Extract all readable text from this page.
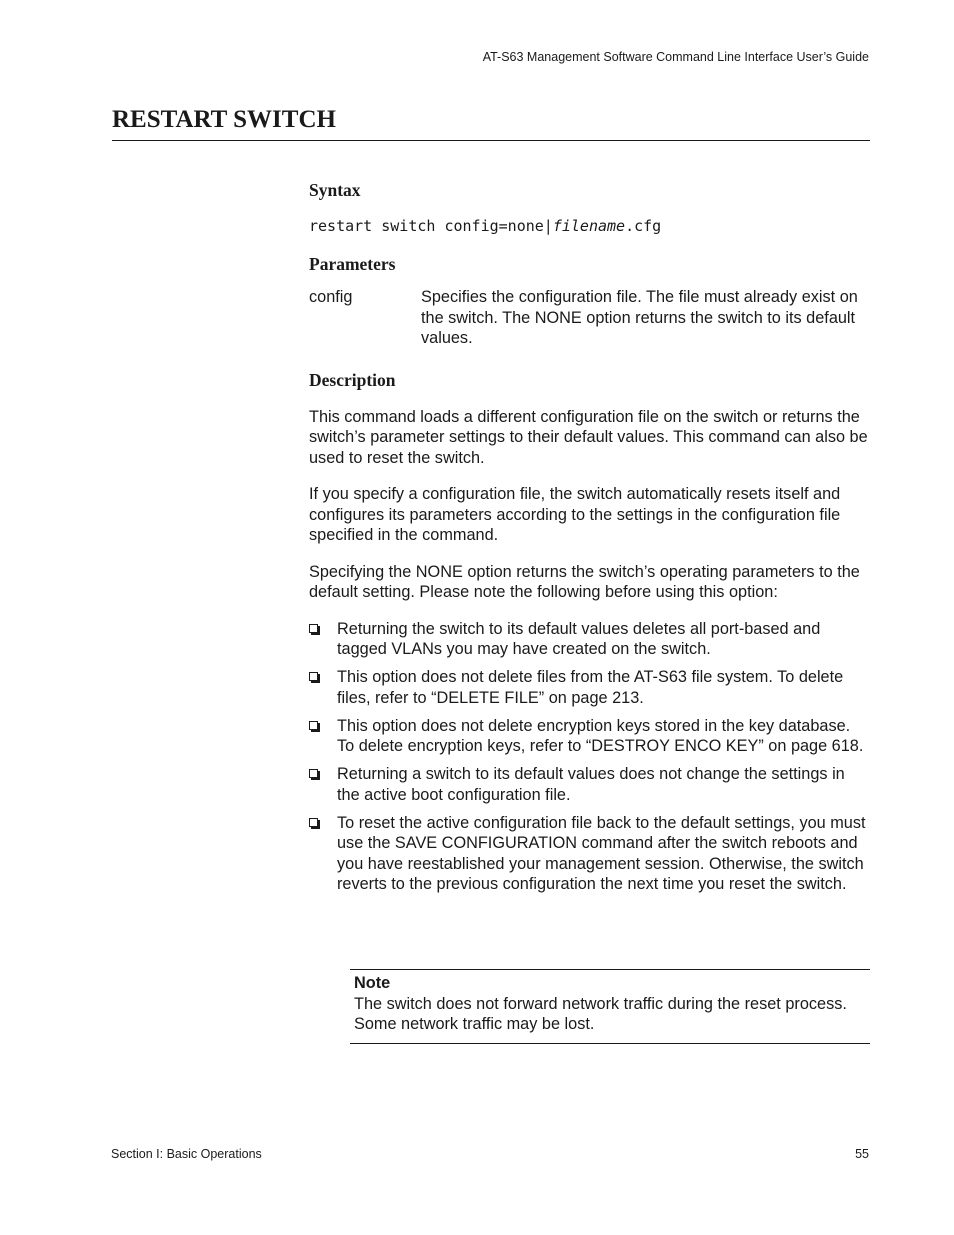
AT-S63 Management Software Command Line Interface User’s Guide
RESTART SWITCH
Syntax
restart switch config=none|filename.cfg
Parameters
config	Specifies the configuration file. The file must already exist on the switch. The NONE option returns the switch to its default values.
Description

This command loads a different configuration file on the switch or returns the switch’s parameter settings to their default values. This command can also be used to reset the switch.

If you specify a configuration file, the switch automatically resets itself and configures its parameters according to the settings in the configuration file specified in the command.

Specifying the NONE option returns the switch’s operating parameters to the default setting. Please note the following before using this option:

Returning the switch to its default values deletes all port-based and tagged VLANs you may have created on the switch.
This option does not delete files from the AT-S63 file system. To delete files, refer to “DELETE FILE” on page 213.
This option does not delete encryption keys stored in the key database. To delete encryption keys, refer to “DESTROY ENCO KEY” on page 618.
Returning a switch to its default values does not change the settings in the active boot configuration file.
To reset the active configuration file back to the default settings, you must use the SAVE CONFIGURATION command after the switch reboots and you have reestablished your management session. Otherwise, the switch reverts to the previous configuration the next time you reset the switch.
Note
The switch does not forward network traffic during the reset process. Some network traffic may be lost.
Section I: Basic Operations	55
